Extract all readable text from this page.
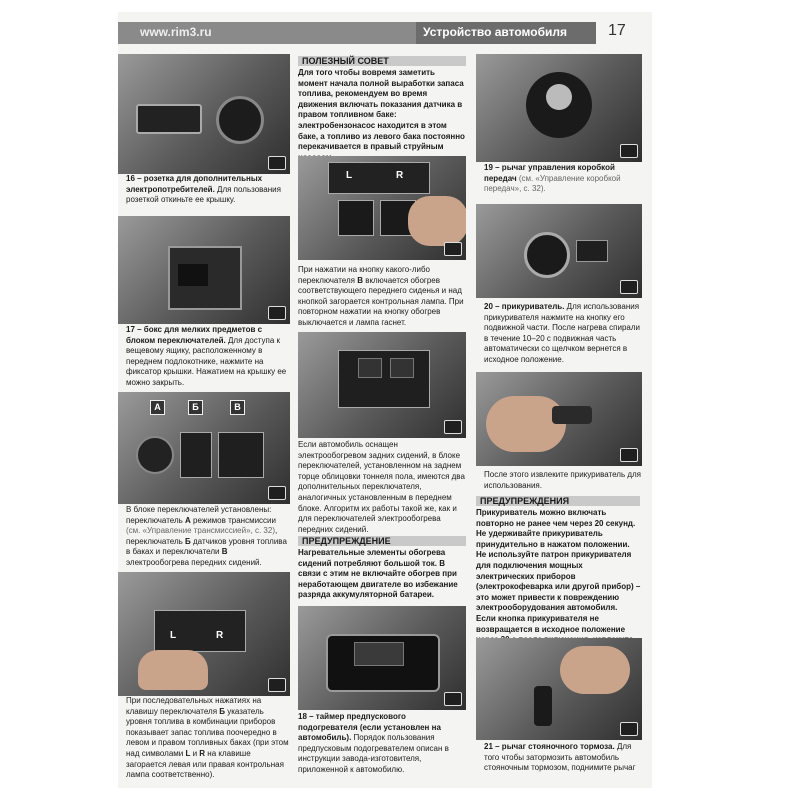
www.rim3.ru	Устройство автомобиля	17
16 – розетка для дополнительных электропотребителей. Для пользования розеткой откиньте ее крышку.
17 – бокс для мелких предметов с блоком переключателей. Для доступа к вещевому ящику, расположенному в переднем подлокотнике, нажмите на фиксатор крышки. Нажатием на крышку ее можно закрыть.
A	Б	В
В блоке переключателей установлены: переключатель А режимов трансмиссии (см. «Управление трансмиссией», с. 32), переключатель Б датчиков уровня топлива в баках и переключатели В электрообогрева передних сидений.
L	R
При последовательных нажатиях на клавишу переключателя Б указатель уровня топлива в комбинации приборов показывает запас топлива поочередно в левом и правом топливных баках (при этом над символами L и R на клавише загорается левая или правая контрольная лампа соответственно).
ПОЛЕЗНЫЙ СОВЕТ
Для того чтобы вовремя заметить момент начала полной выработки запаса топлива, рекомендуем во время движения включать показания датчика в правом топливном баке: электробензонасос находится в этом баке, а топливо из левого бака постоянно перекачивается в правый струйным
L	R
При нажатии на кнопку какого-либо переключателя В включается обогрев соответствующего переднего сиденья и над кнопкой загорается контрольная лампа. При повторном нажатии на кнопку обогрев выключается и лампа гаснет.
Если автомобиль оснащен электрообогревом задних сидений, в блоке переключателей, установленном на заднем торце облицовки тоннеля пола, имеются два дополнительных переключателя, аналогичных установленным в переднем блоке. Алгоритм их работы такой же, как и для переключателей электрообогрева передних сидений.
ПРЕДУПРЕЖДЕНИЕ
Нагревательные элементы обогрева сидений потребляют большой ток. В связи с этим не включайте обогрев при неработающем двигателе во избежание разряда аккумуляторной батареи.
18 – таймер предпускового подогревателя (если установлен на автомобиль). Порядок пользования предпусковым подогревателем описан в инструкции завода-изготовителя, приложенной к автомобилю.
19 – рычаг управления коробкой передач (см. «Управление коробкой передач», с. 32).
20 – прикуриватель. Для использования прикуривателя нажмите на кнопку его подвижной части. После нагрева спирали в течение 10–20 с подвижная часть автоматически со щелчком вернется в исходное положение.
После этого извлеките прикуриватель для использования.
ПРЕДУПРЕЖДЕНИЯ
Прикуриватель можно включать повторно не ранее чем через 20 секунд.
Не удерживайте прикуриватель принудительно в нажатом положении.
Не используйте патрон прикуривателя для подключения мощных электрических приборов (электрокофеварка или другой прибор) – это может привести к повреждению электрооборудования автомобиля.
Если кнопка прикуривателя не возвращается в исходное положение
21 – рычаг стояночного тормоза. Для того чтобы затормозить автомобиль стояночным тормозом, поднимите рычаг
